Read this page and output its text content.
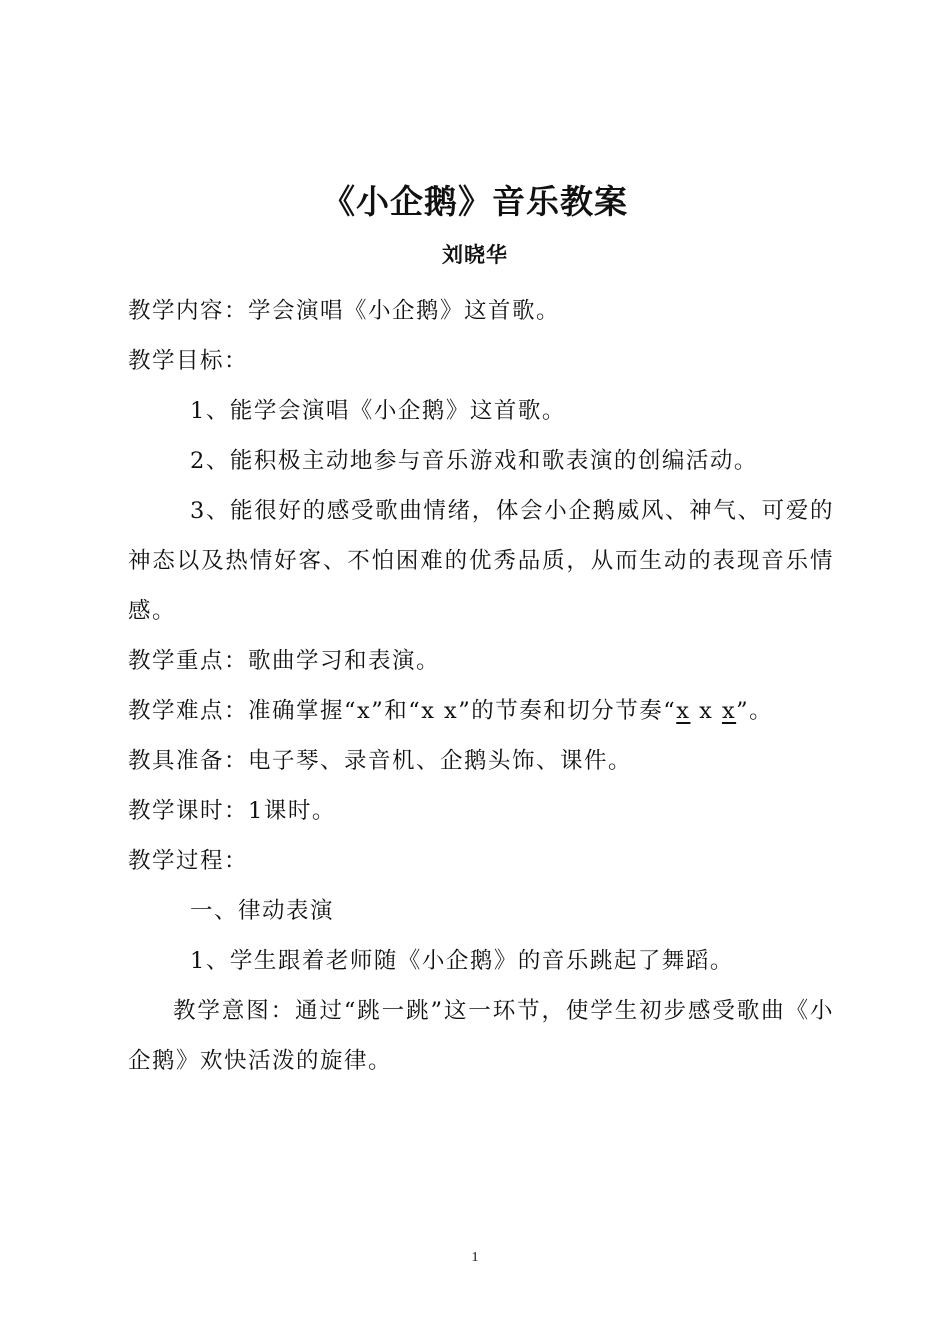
《小企鹅》音乐教案
刘晓华

教学内容：学会演唱《小企鹅》这首歌。

教学目标：

1、能学会演唱《小企鹅》这首歌。

2、能积极主动地参与音乐游戏和歌表演的创编活动。

3、能很好的感受歌曲情绪，体会小企鹅威风、神气、可爱的神态以及热情好客、不怕困难的优秀品质，从而生动的表现音乐情感。

教学重点：歌曲学习和表演。

教学难点：准确掌握“x”和“x x”的节奏和切分节奏“x x x”。

教具准备：电子琴、录音机、企鹅头饰、课件。

教学课时：1课时。

教学过程：

一、律动表演

1、学生跟着老师随《小企鹅》的音乐跳起了舞蹈。

教学意图：通过“跳一跳”这一环节，使学生初步感受歌曲《小企鹅》欢快活泼的旋律。

1
